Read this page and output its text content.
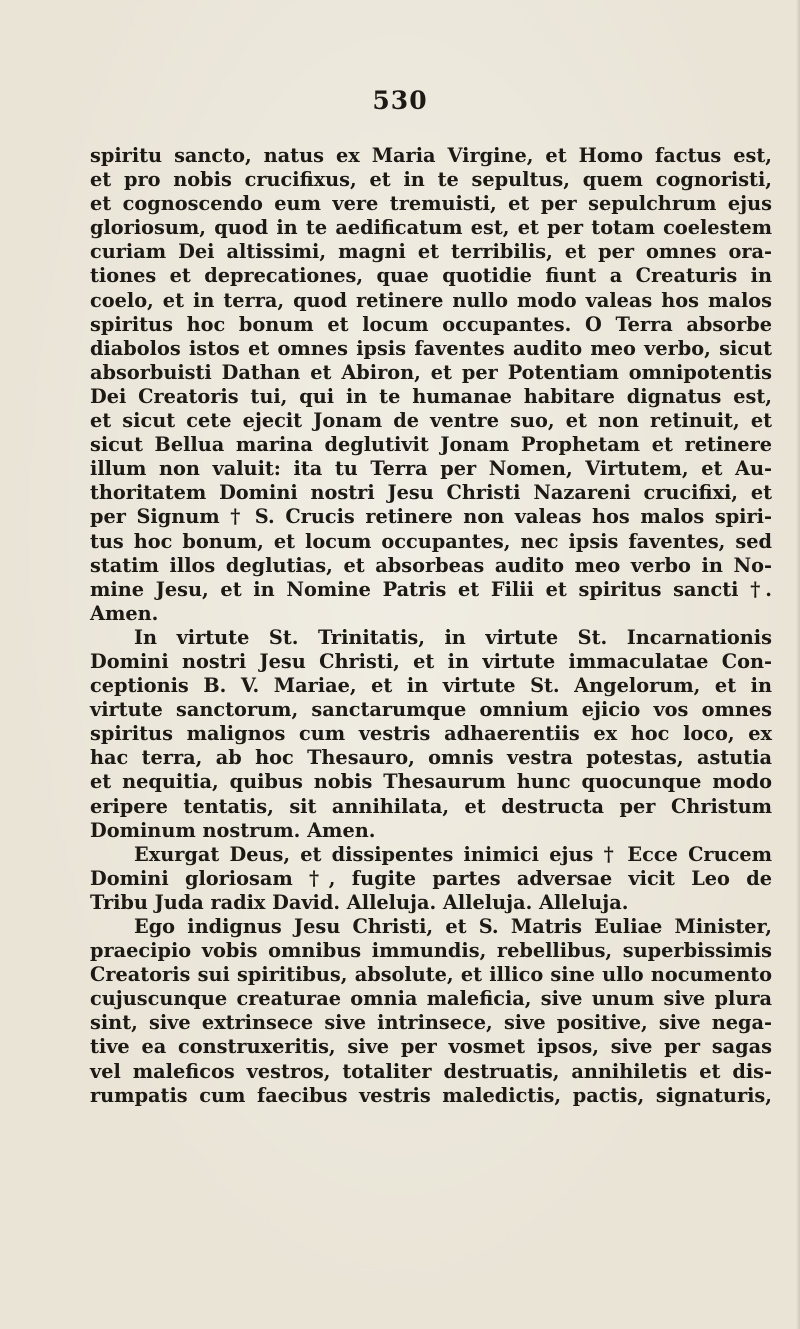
530
spiritu sancto, natus ex Maria Virgine, et Homo factus est,
et pro nobis crucifixus, et in te sepultus, quem cognoristi,
et cognoscendo eum vere tremuisti, et per sepulchrum ejus
gloriosum, quod in te aedificatum est, et per totam coelestem
curiam Dei altissimi, magni et terribilis, et per omnes ora-
tiones et deprecationes, quae quotidie fiunt a Creaturis in
coelo, et in terra, quod retinere nullo modo valeas hos malos
spiritus hoc bonum et locum occupantes. O Terra absorbe
diabolos istos et omnes ipsis faventes audito meo verbo, sicut
absorbuisti Dathan et Abiron, et per Potentiam omnipotentis
Dei Creatoris tui, qui in te humanae habitare dignatus est,
et sicut cete ejecit Jonam de ventre suo, et non retinuit, et
sicut Bellua marina deglutivit Jonam Prophetam et retinere
illum non valuit: ita tu Terra per Nomen, Virtutem, et Au-
thoritatem Domini nostri Jesu Christi Nazareni crucifixi, et
per Signum † S. Crucis retinere non valeas hos malos spiri-
tus hoc bonum, et locum occupantes, nec ipsis faventes, sed
statim illos deglutias, et absorbeas audito meo verbo in No-
mine Jesu, et in Nomine Patris et Filii et spiritus sancti †.
Amen.
In virtute St. Trinitatis, in virtute St. Incarnationis
Domini nostri Jesu Christi, et in virtute immaculatae Con-
ceptionis B. V. Mariae, et in virtute St. Angelorum, et in
virtute sanctorum, sanctarumque omnium ejicio vos omnes
spiritus malignos cum vestris adhaerentiis ex hoc loco, ex
hac terra, ab hoc Thesauro, omnis vestra potestas, astutia
et nequitia, quibus nobis Thesaurum hunc quocunque modo
eripere tentatis, sit annihilata, et destructa per Christum
Dominum nostrum. Amen.
Exurgat Deus, et dissipentes inimici ejus † Ecce Crucem
Domini gloriosam †, fugite partes adversae vicit Leo de
Tribu Juda radix David. Alleluja. Alleluja. Alleluja.
Ego indignus Jesu Christi, et S. Matris Euliae Minister,
praecipio vobis omnibus immundis, rebellibus, superbissimis
Creatoris sui spiritibus, absolute, et illico sine ullo nocumento
cujuscunque creaturae omnia maleficia, sive unum sive plura
sint, sive extrinsece sive intrinsece, sive positive, sive nega-
tive ea construxeritis, sive per vosmet ipsos, sive per sagas
vel maleficos vestros, totaliter destruatis, annihiletis et dis-
rumpatis cum faecibus vestris maledictis, pactis, signaturis,
